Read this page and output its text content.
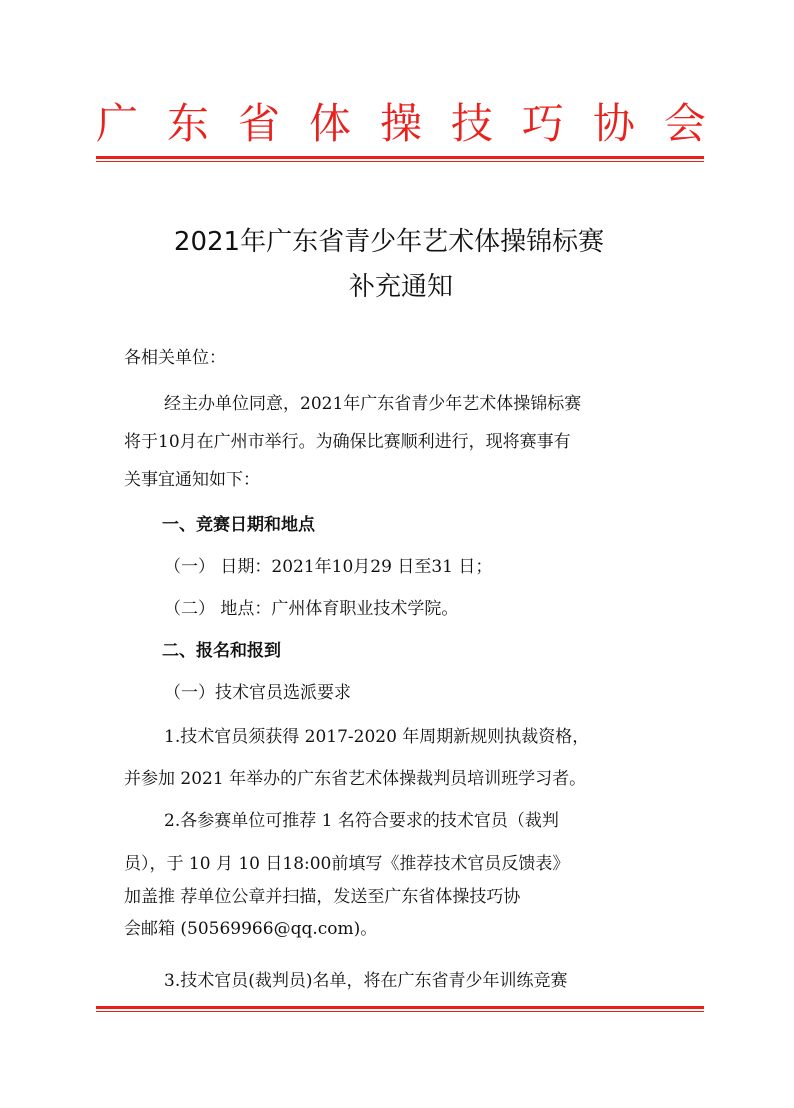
广 东 省 体 操 技 巧 协 会
2021年广东省青少年艺术体操锦标赛
补充通知
各相关单位：
经主办单位同意，2021年广东省青少年艺术体操锦标赛
将于10月在广州市举行。为确保比赛顺利进行，现将赛事有
关事宜通知如下：
一、竞赛日期和地点
（一） 日期：2021年10月29 日至31 日；
（二） 地点：广州体育职业技术学院。
二、报名和报到
（一）技术官员选派要求
1.技术官员须获得 2017-2020 年周期新规则执裁资格，
并参加 2021 年举办的广东省艺术体操裁判员培训班学习者。
2.各参赛单位可推荐 1 名符合要求的技术官员（裁判
员），于 10 月 10 日18:00前填写《推荐技术官员反馈表》
加盖推 荐单位公章并扫描，发送至广东省体操技巧协
会邮箱 (50569966@qq.com)。
3.技术官员(裁判员)名单，将在广东省青少年训练竞赛
